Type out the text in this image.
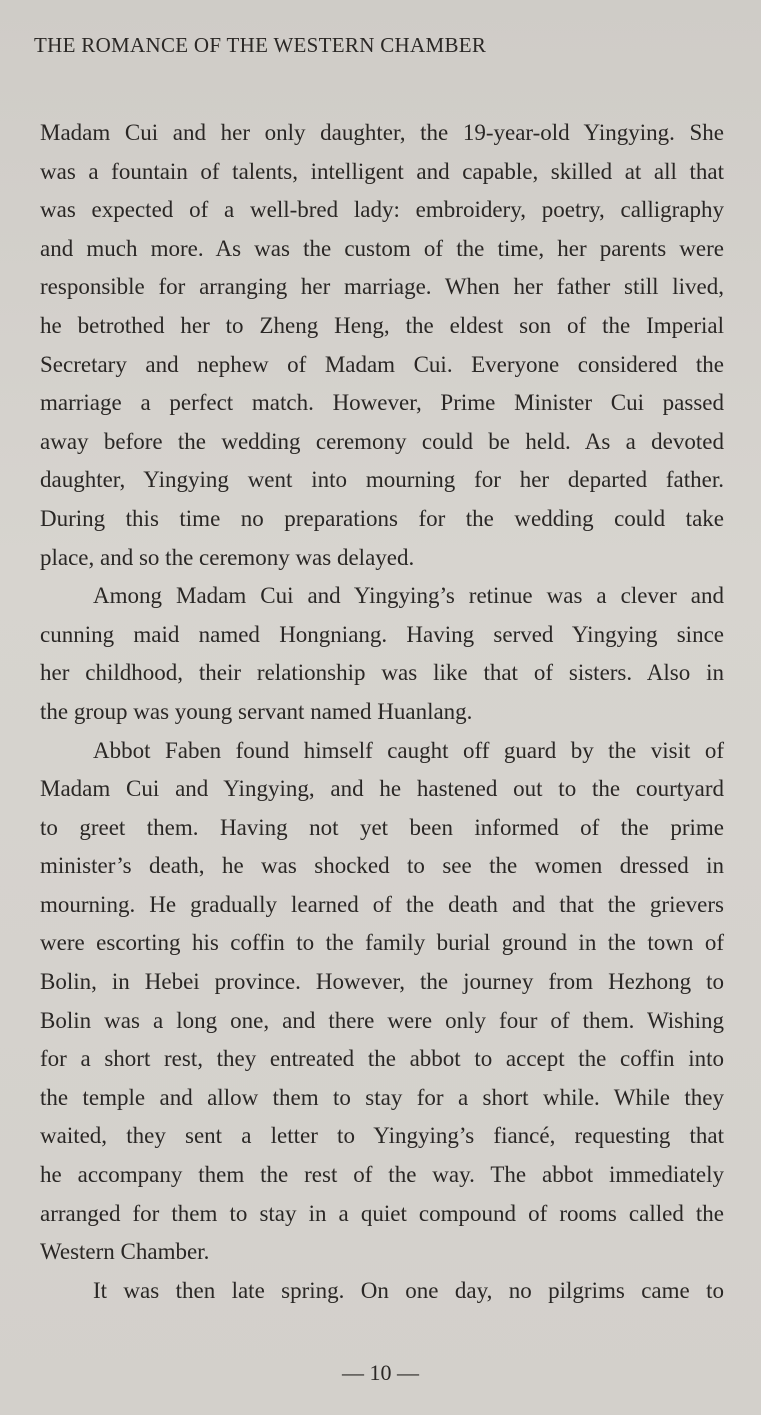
THE ROMANCE OF THE WESTERN CHAMBER
Madam Cui and her only daughter, the 19-year-old Yingying. She
was a fountain of talents, intelligent and capable, skilled at all that
was expected of a well-bred lady: embroidery, poetry, calligraphy
and much more. As was the custom of the time, her parents were
responsible for arranging her marriage. When her father still lived,
he betrothed her to Zheng Heng, the eldest son of the Imperial
Secretary and nephew of Madam Cui. Everyone considered the
marriage a perfect match. However, Prime Minister Cui passed
away before the wedding ceremony could be held. As a devoted
daughter, Yingying went into mourning for her departed father.
During this time no preparations for the wedding could take
place, and so the ceremony was delayed.
Among Madam Cui and Yingying’s retinue was a clever and
cunning maid named Hongniang. Having served Yingying since
her childhood, their relationship was like that of sisters. Also in
the group was young servant named Huanlang.
Abbot Faben found himself caught off guard by the visit of
Madam Cui and Yingying, and he hastened out to the courtyard
to greet them. Having not yet been informed of the prime
minister’s death, he was shocked to see the women dressed in
mourning. He gradually learned of the death and that the grievers
were escorting his coffin to the family burial ground in the town of
Bolin, in Hebei province. However, the journey from Hezhong to
Bolin was a long one, and there were only four of them. Wishing
for a short rest, they entreated the abbot to accept the coffin into
the temple and allow them to stay for a short while. While they
waited, they sent a letter to Yingying’s fiancé, requesting that
he accompany them the rest of the way. The abbot immediately
arranged for them to stay in a quiet compound of rooms called the
Western Chamber.
It was then late spring. On one day, no pilgrims came to
— 10 —
